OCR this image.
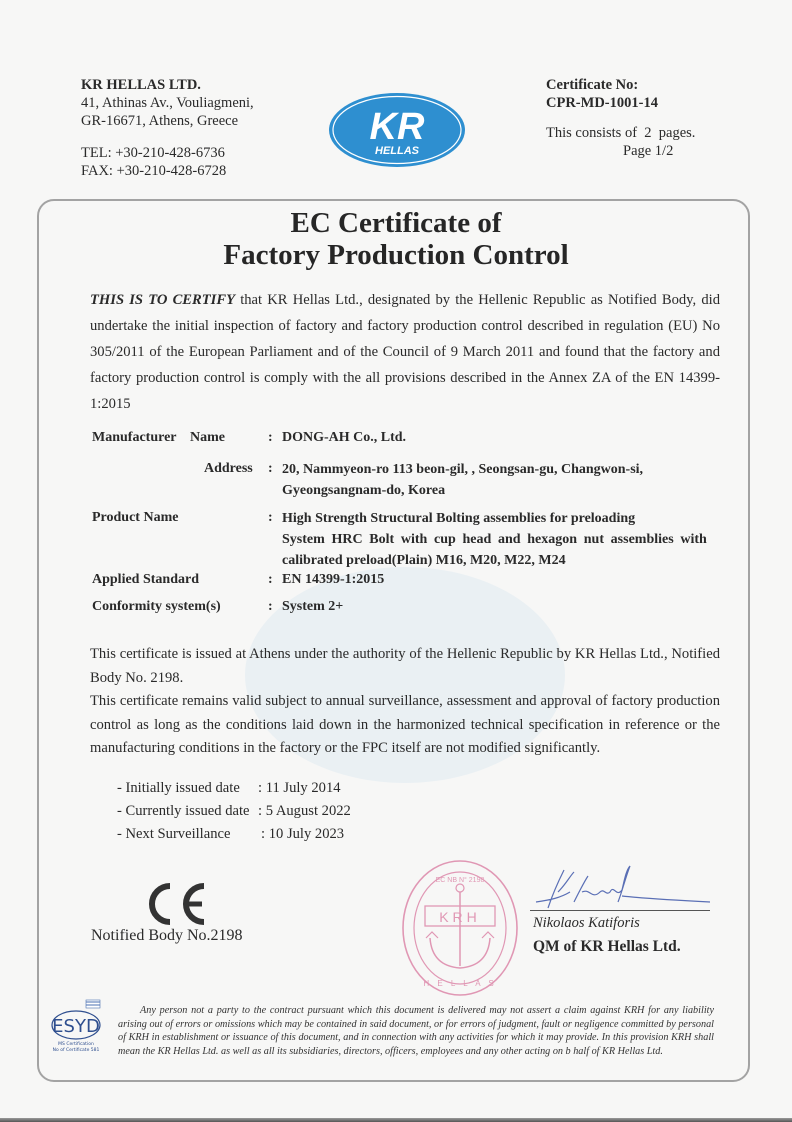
KR HELLAS LTD.
41, Athinas Av., Vouliagmeni,
GR-16671, Athens, Greece
TEL: +30-210-428-6736
FAX: +30-210-428-6728
KR
HELLAS
Certificate No:
CPR-MD-1001-14
This consists of  2  pages.
Page 1/2
EC Certificate of
Factory Production Control
THIS IS TO CERTIFY that KR Hellas Ltd., designated by the Hellenic Republic as Notified Body, did undertake the initial inspection of factory and factory production control described in regulation (EU) No 305/2011 of the European Parliament and of the Council of 9 March 2011 and found that the factory and factory production control is comply with the all provisions described in the Annex ZA of the EN 14399-1:2015
Manufacturer Name	: DONG-AH Co., Ltd.
Address : 20, Nammyeon-ro 113 beon-gil, , Seongsan-gu, Changwon-si,
Gyeongsangnam-do, Korea
Product Name	: High Strength Structural Bolting assemblies for preloading
System HRC Bolt with cup head and hexagon nut assemblies with
calibrated preload(Plain) M16, M20, M22, M24
Applied Standard	: EN 14399-1:2015
Conformity system(s)	: System 2+
This certificate is issued at Athens under the authority of the Hellenic Republic by KR Hellas Ltd., Notified Body No. 2198.
This certificate remains valid subject to annual surveillance, assessment and approval of factory production control as long as the conditions laid down in the harmonized technical specification in reference or the manufacturing conditions in the factory or the FPC itself are not modified significantly.
- Initially issued date : 11 July 2014
- Currently issued date : 5 August 2022
- Next Surveillance : 10 July 2023
Notified Body No.2198
EC NB N° 2198
KRH
H E L L A S
Nikolaos Katiforis
QM of KR Hellas Ltd.
ESYD
MS Certification
No of Certificate 581
Any person not a party to the contract pursuant which this document is delivered may not assert a claim against KRH for any liability arising out of errors or omissions which may be contained in said document, or for errors of judgment, fault or negligence committed by personal of KRH in establishment or issuance of this document, and in connection with any activities for which it may provide. In this provision KRH shall mean the KR Hellas Ltd. as well as all its subsidiaries, directors, officers, employees and any other acting on b half of KR Hellas Ltd.
